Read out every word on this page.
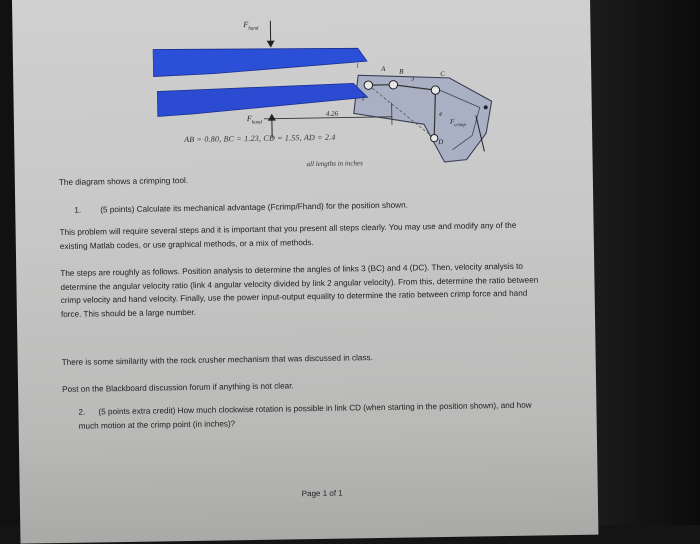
$F_{hand}$
$F_{hand}$	$F_{crimp}$
4.26
A B	C
D
1
2
3
4
AB = 0.80, BC = 1.23, CD = 1.55, AD = 2.4
all lengths in inches

The diagram shows a crimping tool.

1. (5 points) Calculate its mechanical advantage (Fcrimp/Fhand) for the position shown.

This problem will require several steps and it is important that you present all steps clearly. You may use and modify any of the existing Matlab codes, or use graphical methods, or a mix of methods.

The steps are roughly as follows. Position analysis to determine the angles of links 3 (BC) and 4 (DC). Then, velocity analysis to determine the angular velocity ratio (link 4 angular velocity divided by link 2 angular velocity). From this, determine the ratio between crimp velocity and hand velocity. Finally, use the power input-output equality to determine the ratio between crimp force and hand force. This should be a large number.

There is some similarity with the rock crusher mechanism that was discussed in class.

Post on the Blackboard discussion forum if anything is not clear.

2. (5 points extra credit) How much clockwise rotation is possible in link CD (when starting in the position shown), and how much motion at the crimp point (in inches)?

Page 1 of 1
